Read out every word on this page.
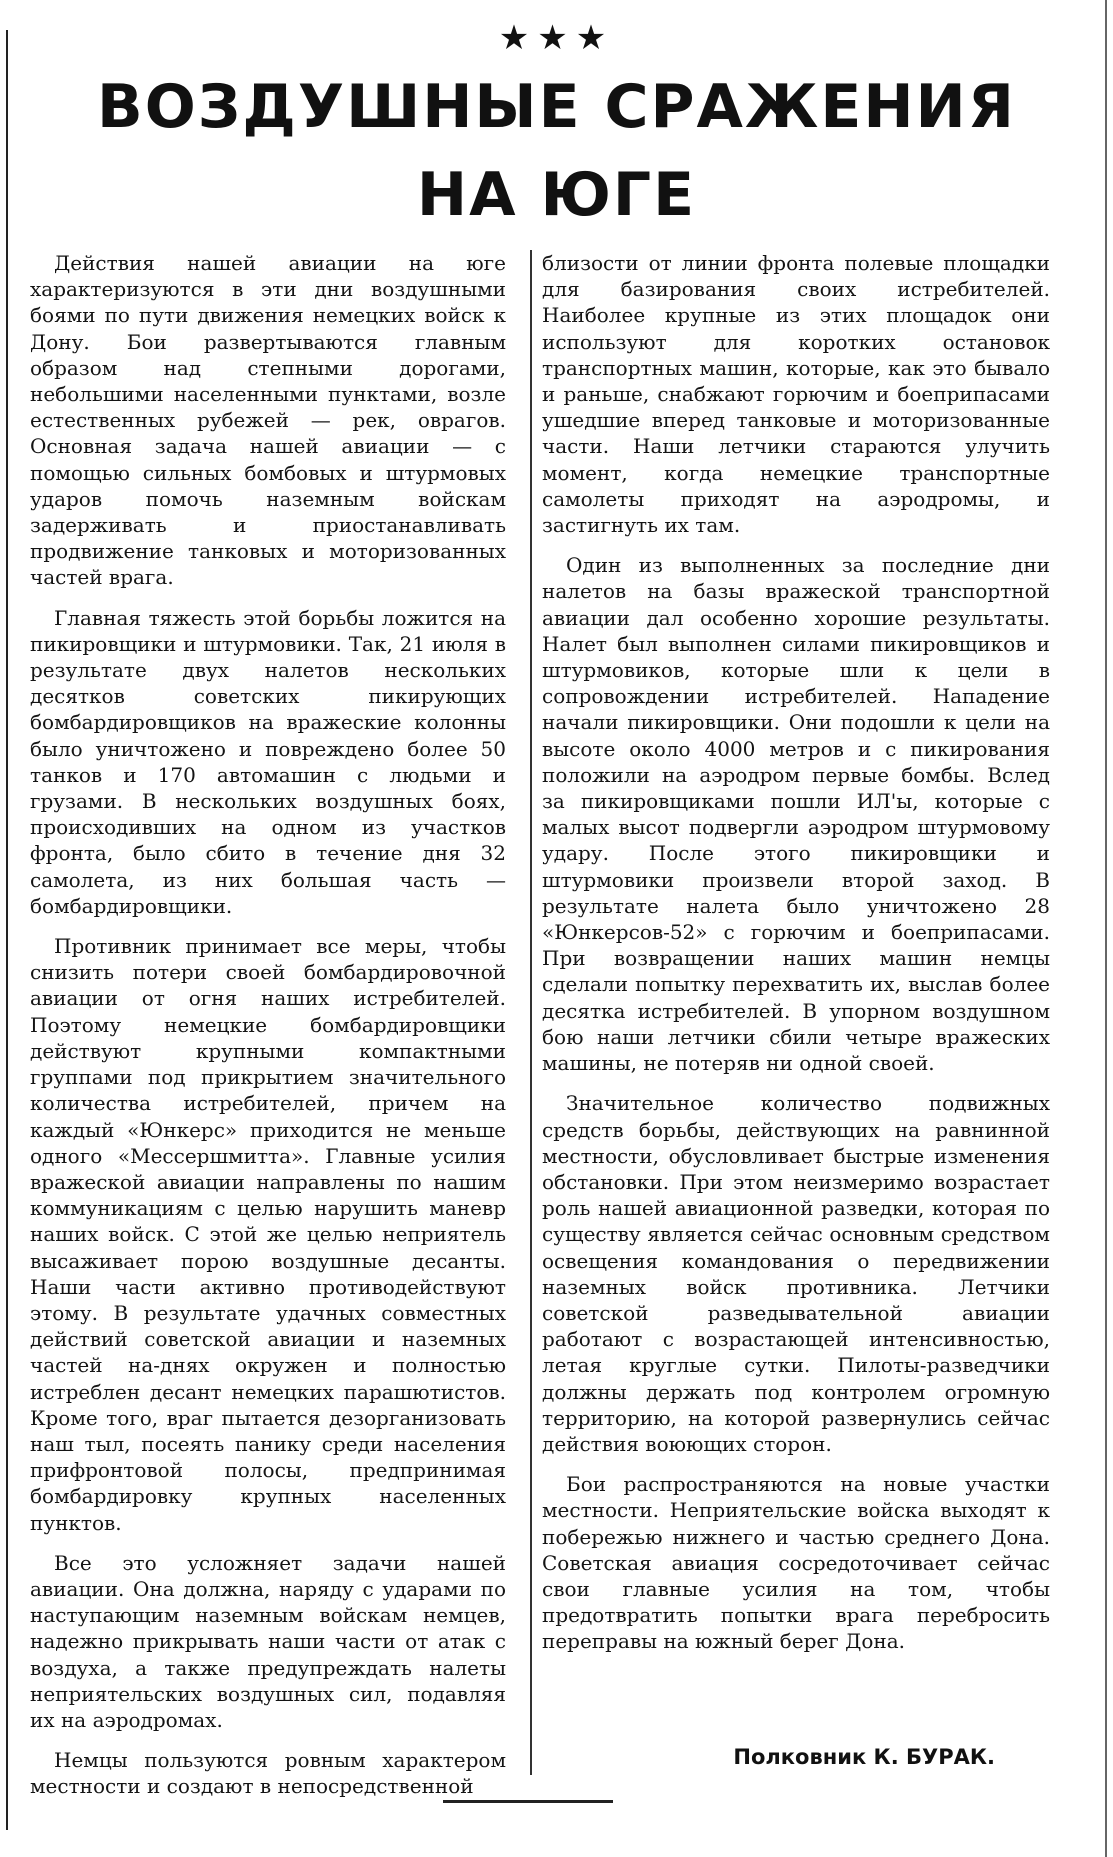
★★★
ВОЗДУШНЫЕ СРАЖЕНИЯ
НА ЮГЕ

Действия нашей авиации на юге характеризуются в эти дни воздушными боями по пути движения немецких войск к Дону. Бои развертываются главным образом над степными дорогами, небольшими населенными пунктами, возле естественных рубежей — рек, оврагов. Основная задача нашей авиации — с помощью сильных бомбовых и штурмовых ударов помочь наземным войскам задерживать и приостанавливать продвижение танковых и моторизованных частей врага.

Главная тяжесть этой борьбы ложится на пикировщики и штурмовики. Так, 21 июля в результате двух налетов нескольких десятков советских пикирующих бомбардировщиков на вражеские колонны было уничтожено и повреждено более 50 танков и 170 автомашин с людьми и грузами. В нескольких воздушных боях, происходивших на одном из участков фронта, было сбито в течение дня 32 самолета, из них большая часть — бомбардировщики.

Противник принимает все меры, чтобы снизить потери своей бомбардировочной авиации от огня наших истребителей. Поэтому немецкие бомбардировщики действуют крупными компактными группами под прикрытием значительного количества истребителей, причем на каждый «Юнкерс» приходится не меньше одного «Мессершмитта». Главные усилия вражеской авиации направлены по нашим коммуникациям с целью нарушить маневр наших войск. С этой же целью неприятель высаживает порою воздушные десанты. Наши части активно противодействуют этому. В результате удачных совместных действий советской авиации и наземных частей на-днях окружен и полностью истреблен десант немецких парашютистов. Кроме того, враг пытается дезорганизовать наш тыл, посеять панику среди населения прифронтовой полосы, предпринимая бомбардировку крупных населенных пунктов.

Все это усложняет задачи нашей авиации. Она должна, наряду с ударами по наступающим наземным войскам немцев, надежно прикрывать наши части от атак с воздуха, а также предупреждать налеты неприятельских воздушных сил, подавляя их на аэродромах.

Немцы пользуются ровным характером местности и создают в непосредственной

близости от линии фронта полевые площадки для базирования своих истребителей. Наиболее крупные из этих площадок они используют для коротких остановок транспортных машин, которые, как это бывало и раньше, снабжают горючим и боеприпасами ушедшие вперед танковые и моторизованные части. Наши летчики стараются улучить момент, когда немецкие транспортные самолеты приходят на аэродромы, и застигнуть их там.

Один из выполненных за последние дни налетов на базы вражеской транспортной авиации дал особенно хорошие результаты. Налет был выполнен силами пикировщиков и штурмовиков, которые шли к цели в сопровождении истребителей. Нападение начали пикировщики. Они подошли к цели на высоте около 4000 метров и с пикирования положили на аэродром первые бомбы. Вслед за пикировщиками пошли ИЛ'ы, которые с малых высот подвергли аэродром штурмовому удару. После этого пикировщики и штурмовики произвели второй заход. В результате налета было уничтожено 28 «Юнкерсов-52» с горючим и боеприпасами. При возвращении наших машин немцы сделали попытку перехватить их, выслав более десятка истребителей. В упорном воздушном бою наши летчики сбили четыре вражеских машины, не потеряв ни одной своей.

Значительное количество подвижных средств борьбы, действующих на равнинной местности, обусловливает быстрые изменения обстановки. При этом неизмеримо возрастает роль нашей авиационной разведки, которая по существу является сейчас основным средством освещения командования о передвижении наземных войск противника. Летчики советской разведывательной авиации работают с возрастающей интенсивностью, летая круглые сутки. Пилоты-разведчики должны держать под контролем огромную территорию, на которой развернулись сейчас действия воюющих сторон.

Бои распространяются на новые участки местности. Неприятельские войска выходят к побережью нижнего и частью среднего Дона. Советская авиация сосредоточивает сейчас свои главные усилия на том, чтобы предотвратить попытки врага переброcить переправы на южный берег Дона.

Полковник К. БУРАК.
